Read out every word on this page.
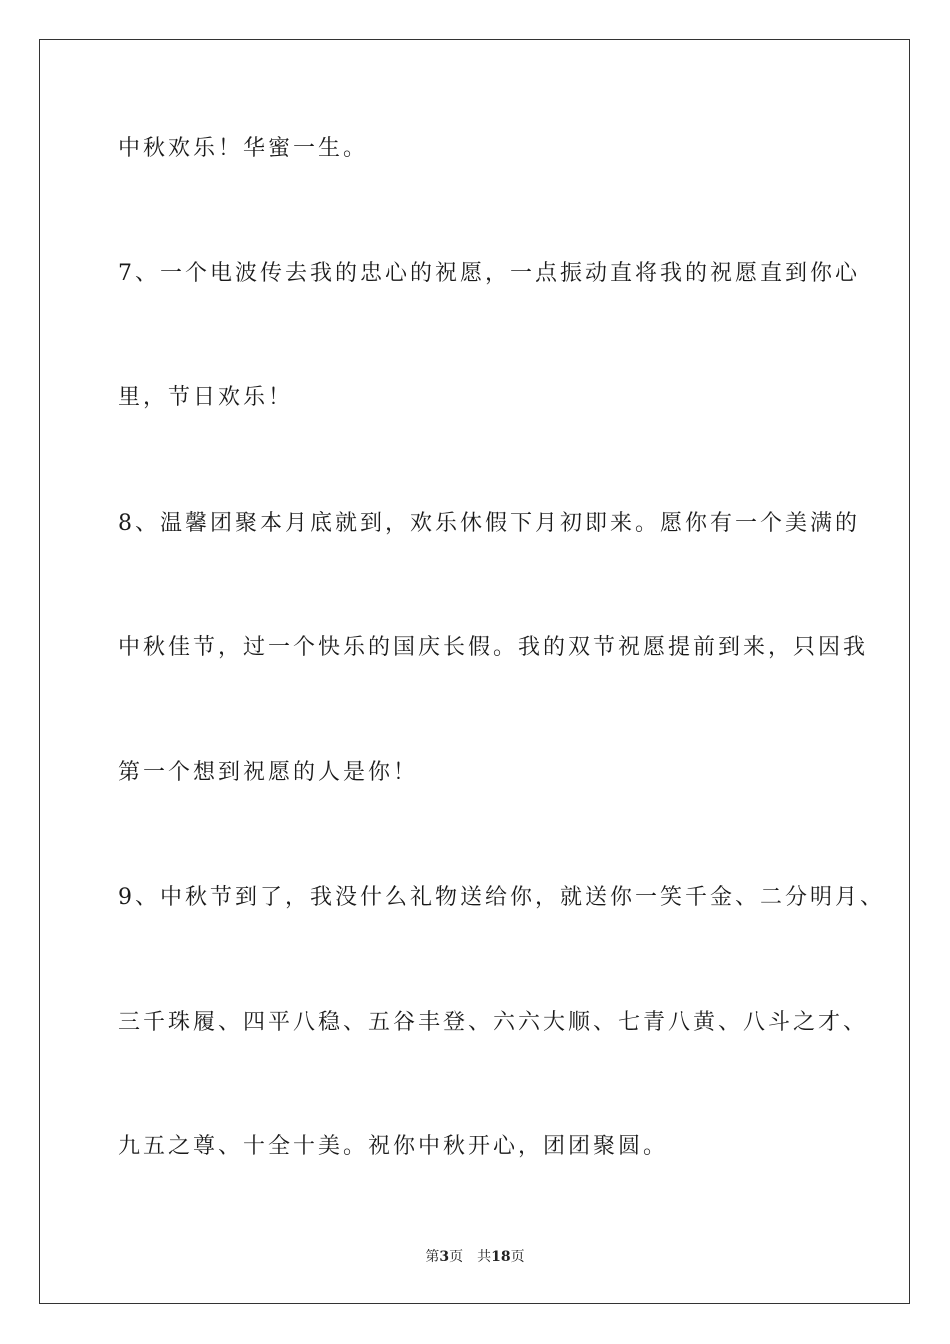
中秋欢乐！华蜜一生。
7、一个电波传去我的忠心的祝愿，一点振动直将我的祝愿直到你心
里，节日欢乐！
8、温馨团聚本月底就到，欢乐休假下月初即来。愿你有一个美满的
中秋佳节，过一个快乐的国庆长假。我的双节祝愿提前到来，只因我
第一个想到祝愿的人是你！
9、中秋节到了，我没什么礼物送给你，就送你一笑千金、二分明月、
三千珠履、四平八稳、五谷丰登、六六大顺、七青八黄、八斗之才、
九五之尊、十全十美。祝你中秋开心，团团聚圆。
第3页 共18页
